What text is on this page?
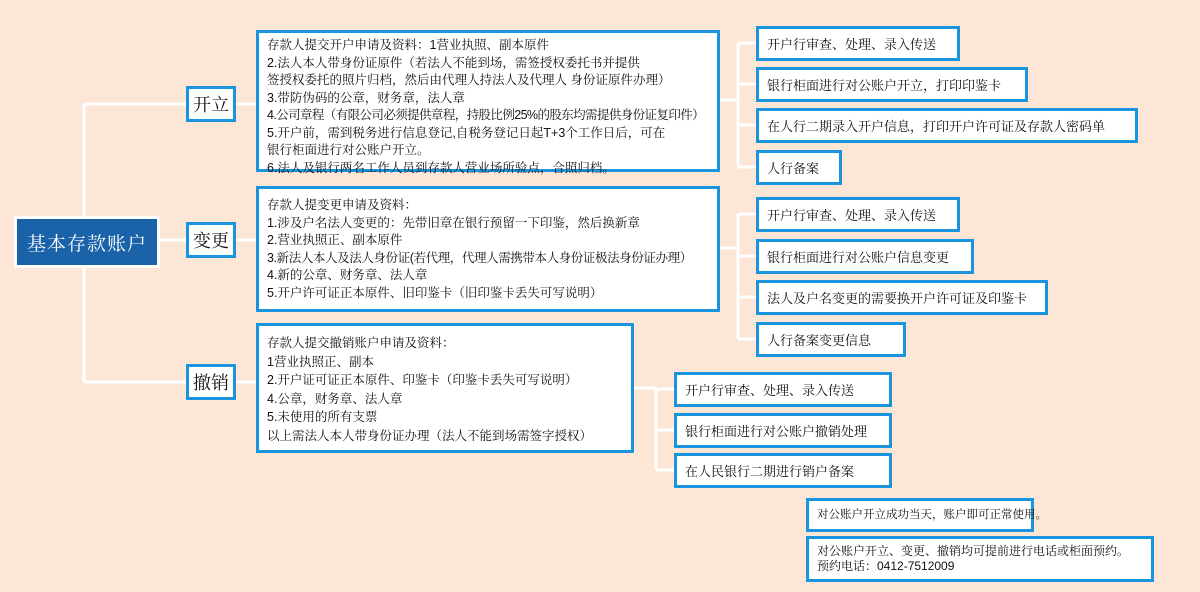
基本存款账户
开立
变更
撤销
存款人提交开户申请及资料：1营业执照、副本原件
2.法人本人带身份证原件（若法人不能到场，需签授权委托书并提供
签授权委托的照片归档，然后由代理人持法人及代理人 身份证原件办理）
3.带防伪码的公章，财务章，法人章
4.公司章程（有限公司必须提供章程，持股比例25%的股东均需提供身份证复印件）
5.开户前，需到税务进行信息登记,自税务登记日起T+3个工作日后，可在
银行柜面进行对公账户开立。
6.法人及银行两名工作人员到存款人营业场所验点，合照归档。
存款人提变更申请及资料：
1.涉及户名法人变更的：先带旧章在银行预留一下印鉴，然后换新章
2.营业执照正、副本原件
3.新法人本人及法人身份证(若代理，代理人需携带本人身份证极法身份证办理）
4.新的公章、财务章、法人章
5.开户许可证正本原件、旧印鉴卡（旧印鉴卡丢失可写说明）
存款人提交撤销账户申请及资料：
1营业执照正、副本
2.开户证可证正本原件、印鉴卡（印鉴卡丢失可写说明）
4.公章，财务章、法人章
5.未使用的所有支票
以上需法人本人带身份证办理（法人不能到场需签字授权）
开户行审查、处理、录入传送
银行柜面进行对公账户开立，打印印鉴卡
在人行二期录入开户信息，打印开户许可证及存款人密码单
人行备案
开户行审查、处理、录入传送
银行柜面进行对公账户信息变更
法人及户名变更的需要换开户许可证及印鉴卡
人行备案变更信息
开户行审查、处理、录入传送
银行柜面进行对公账户撤销处理
在人民银行二期进行销户备案
对公账户开立成功当天，账户即可正常使用。
对公账户开立、变更、撤销均可提前进行电话或柜面预约。
预约电话：0412-7512009
